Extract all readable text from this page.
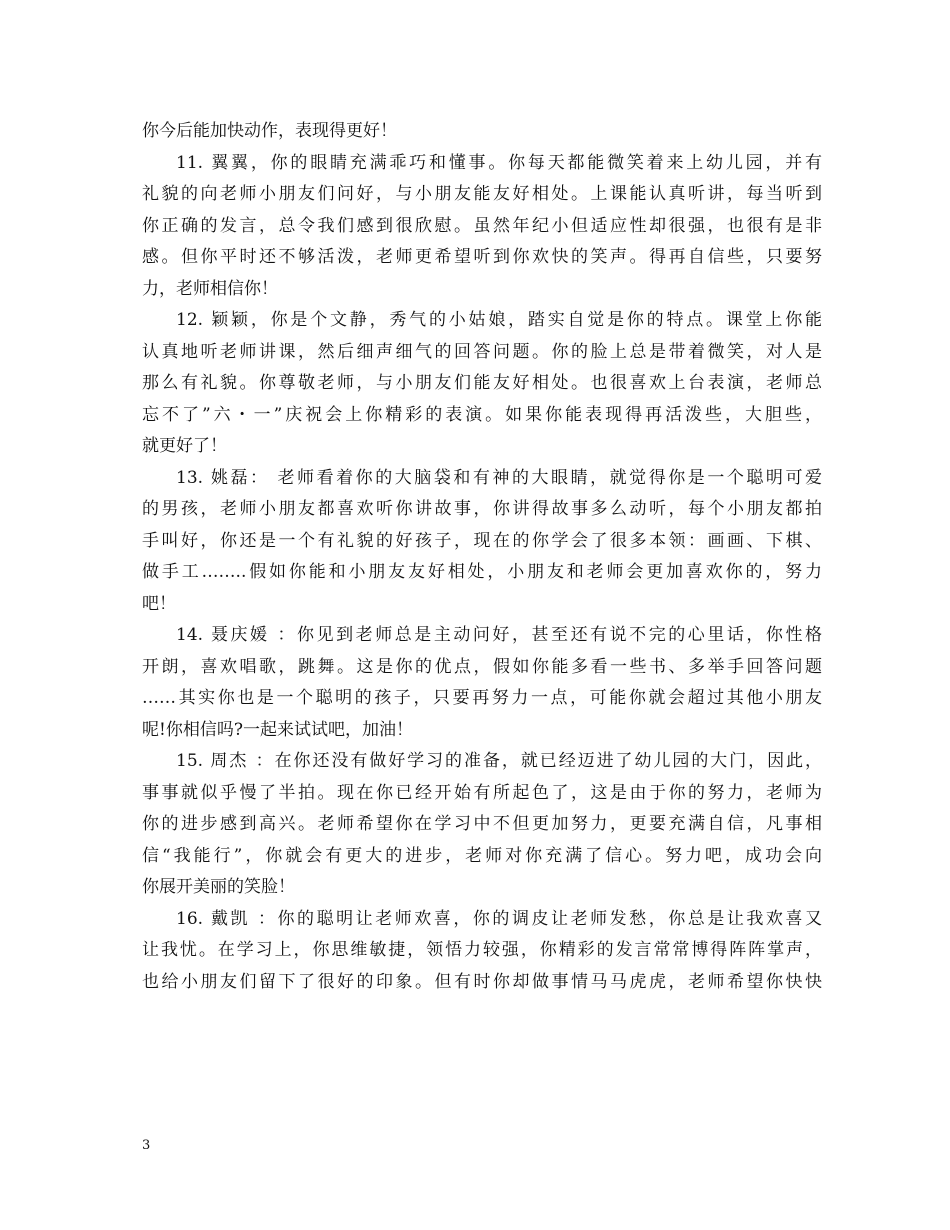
你今后能加快动作，表现得更好！
11. 翼翼，你的眼睛充满乖巧和懂事。你每天都能微笑着来上幼儿园，并有
礼貌的向老师小朋友们问好，与小朋友能友好相处。上课能认真听讲，每当听到
你正确的发言，总令我们感到很欣慰。虽然年纪小但适应性却很强，也很有是非
感。但你平时还不够活泼，老师更希望听到你欢快的笑声。得再自信些，只要努
力，老师相信你！
12. 颖颖，你是个文静，秀气的小姑娘，踏实自觉是你的特点。课堂上你能
认真地听老师讲课，然后细声细气的回答问题。你的脸上总是带着微笑，对人是
那么有礼貌。你尊敬老师，与小朋友们能友好相处。也很喜欢上台表演，老师总
忘不了”六・一”庆祝会上你精彩的表演。如果你能表现得再活泼些，大胆些，
就更好了！
13. 姚磊： 老师看着你的大脑袋和有神的大眼睛，就觉得你是一个聪明可爱
的男孩，老师小朋友都喜欢听你讲故事，你讲得故事多么动听，每个小朋友都拍
手叫好，你还是一个有礼貌的好孩子，现在的你学会了很多本领：画画、下棋、
做手工……..假如你能和小朋友友好相处，小朋友和老师会更加喜欢你的，努力
吧！
14. 聂庆媛 ：你见到老师总是主动问好，甚至还有说不完的心里话，你性格
开朗，喜欢唱歌，跳舞。这是你的优点，假如你能多看一些书、多举手回答问题
……其实你也是一个聪明的孩子，只要再努力一点，可能你就会超过其他小朋友
呢!你相信吗?一起来试试吧，加油！
15. 周杰 ：在你还没有做好学习的准备，就已经迈进了幼儿园的大门，因此，
事事就似乎慢了半拍。现在你已经开始有所起色了，这是由于你的努力，老师为
你的进步感到高兴。老师希望你在学习中不但更加努力，更要充满自信，凡事相
信“我能行”，你就会有更大的进步，老师对你充满了信心。努力吧，成功会向
你展开美丽的笑脸！
16. 戴凯 ：你的聪明让老师欢喜，你的调皮让老师发愁，你总是让我欢喜又
让我忧。在学习上，你思维敏捷，领悟力较强，你精彩的发言常常博得阵阵掌声，
也给小朋友们留下了很好的印象。但有时你却做事情马马虎虎，老师希望你快快
3
